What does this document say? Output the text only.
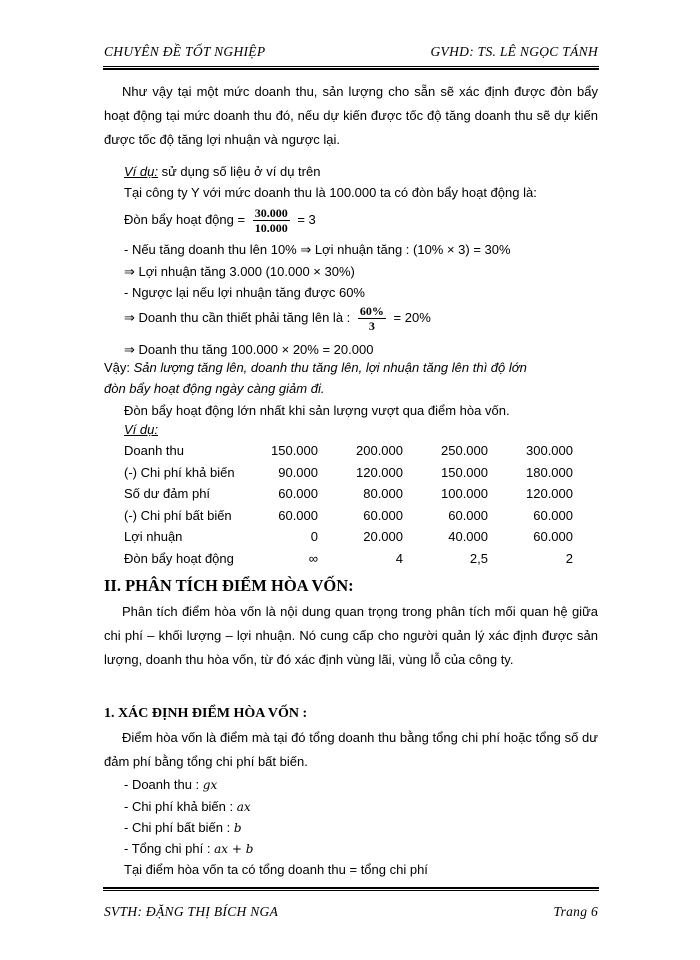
CHUYÊN ĐỀ TỐT NGHIỆP	GVHD: TS. LÊ NGỌC TÁNH

Như vậy tại một mức doanh thu, sản lượng cho sẵn sẽ xác định được đòn bẩy hoạt động tại mức doanh thu đó, nếu dự kiến được tốc độ tăng doanh thu sẽ dự kiến được tốc độ tăng lợi nhuận và ngược lại.

Ví dụ: sử dụng số liệu ở ví dụ trên
Tại công ty Y với mức doanh thu là 100.000 ta có đòn bẩy hoạt động là:
Đòn bẩy hoạt động = $\frac{30.000}{10.000} = 3$
- Nếu tăng doanh thu lên 10% ⇒ Lợi nhuận tăng : (10% × 3) = 30%
⇒ Lợi nhuận tăng 3.000 (10.000 × 30%)
- Ngược lại nếu lợi nhuận tăng được 60%
⇒ Doanh thu cần thiết phải tăng lên là : $\frac{60\%}{3} = 20\%$
⇒ Doanh thu tăng 100.000 × 20% = 20.000
Vậy: Sản lượng tăng lên, doanh thu tăng lên, lợi nhuận tăng lên thì độ lớn
đòn bẩy hoạt động ngày càng giảm đi.
Đòn bẩy hoạt động lớn nhất khi sản lượng vượt qua điểm hòa vốn.
Ví dụ:
Doanh thu	150.000	200.000	250.000	300.000
(-) Chi phí khả biến	90.000	120.000	150.000	180.000
Số dư đảm phí	60.000	80.000	100.000	120.000
(-) Chi phí bất biến	60.000	60.000	60.000	60.000
Lợi nhuận	0	20.000	40.000	60.000
Đòn bẩy hoạt động	∞	4	2,5	2
II. PHÂN TÍCH ĐIỂM HÒA VỐN:

Phân tích điểm hòa vốn là nội dung quan trọng trong phân tích mối quan hệ giữa chi phí – khối lượng – lợi nhuận. Nó cung cấp cho người quản lý xác định được sản lượng, doanh thu hòa vốn, từ đó xác định vùng lãi, vùng lỗ của công ty.

1. XÁC ĐỊNH ĐIỂM HÒA VỐN :

Điểm hòa vốn là điểm mà tại đó tổng doanh thu bằng tổng chi phí hoặc tổng số dư đảm phí bằng tổng chi phí bất biến.

- Doanh thu : gx
- Chi phí khả biến : ax
- Chi phí bất biến : b
- Tổng chi phí : ax + b
Tại điểm hòa vốn ta có tổng doanh thu = tổng chi phí
SVTH: ĐẶNG THỊ BÍCH NGA	Trang 6
